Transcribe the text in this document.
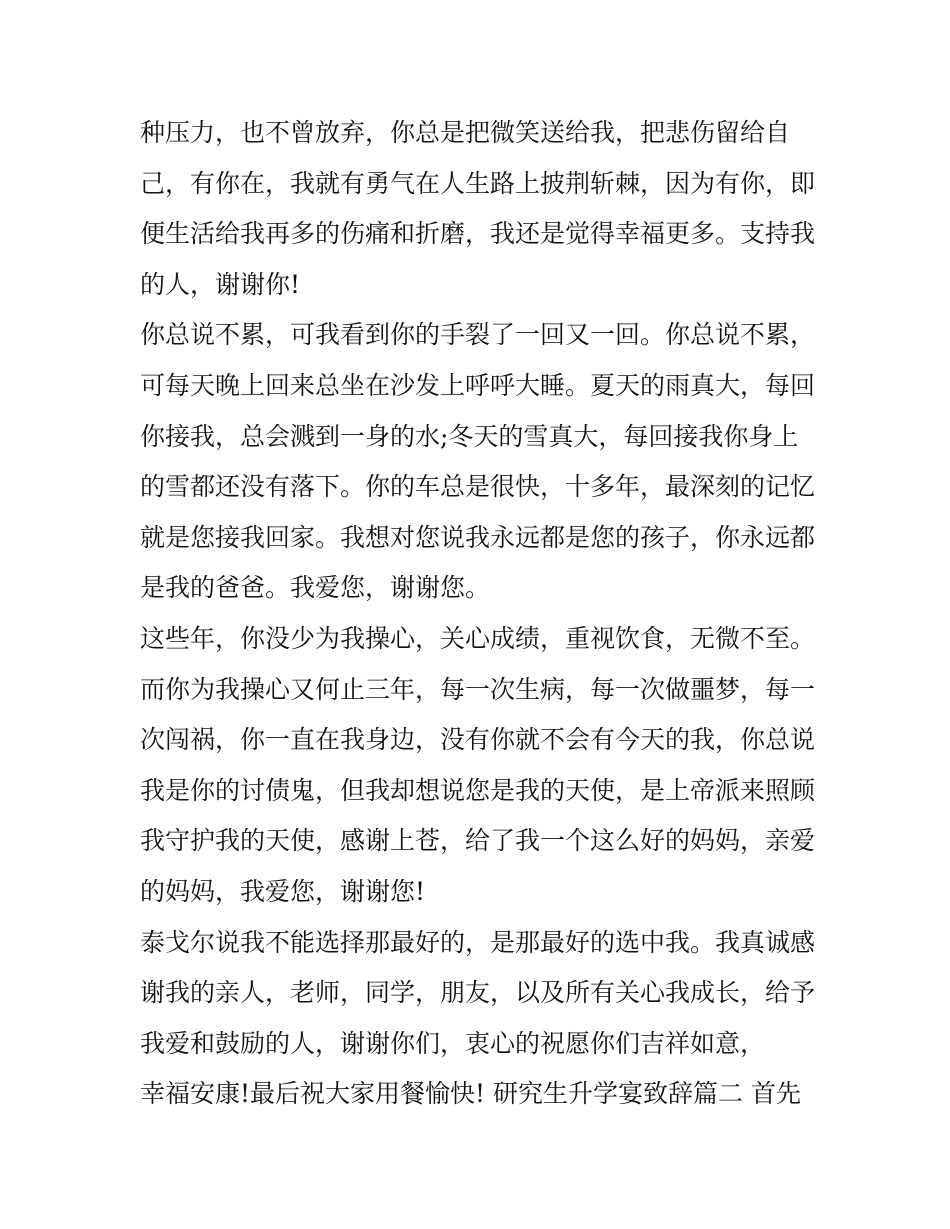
种压力，也不曾放弃，你总是把微笑送给我，把悲伤留给自
己，有你在，我就有勇气在人生路上披荆斩棘，因为有你，即
便生活给我再多的伤痛和折磨，我还是觉得幸福更多。支持我
的人，谢谢你!
你总说不累，可我看到你的手裂了一回又一回。你总说不累，
可每天晚上回来总坐在沙发上呼呼大睡。夏天的雨真大，每回
你接我，总会溅到一身的水;冬天的雪真大，每回接我你身上
的雪都还没有落下。你的车总是很快，十多年，最深刻的记忆
就是您接我回家。我想对您说我永远都是您的孩子，你永远都
是我的爸爸。我爱您，谢谢您。
这些年，你没少为我操心，关心成绩，重视饮食，无微不至。
而你为我操心又何止三年，每一次生病，每一次做噩梦，每一
次闯祸，你一直在我身边，没有你就不会有今天的我，你总说
我是你的讨债鬼，但我却想说您是我的天使，是上帝派来照顾
我守护我的天使，感谢上苍，给了我一个这么好的妈妈，亲爱
的妈妈，我爱您，谢谢您!
泰戈尔说我不能选择那最好的，是那最好的选中我。我真诚感
谢我的亲人，老师，同学，朋友，以及所有关心我成长，给予
我爱和鼓励的人，谢谢你们，衷心的祝愿你们吉祥如意，
幸福安康!最后祝大家用餐愉快! 研究生升学宴致辞篇二 首先
